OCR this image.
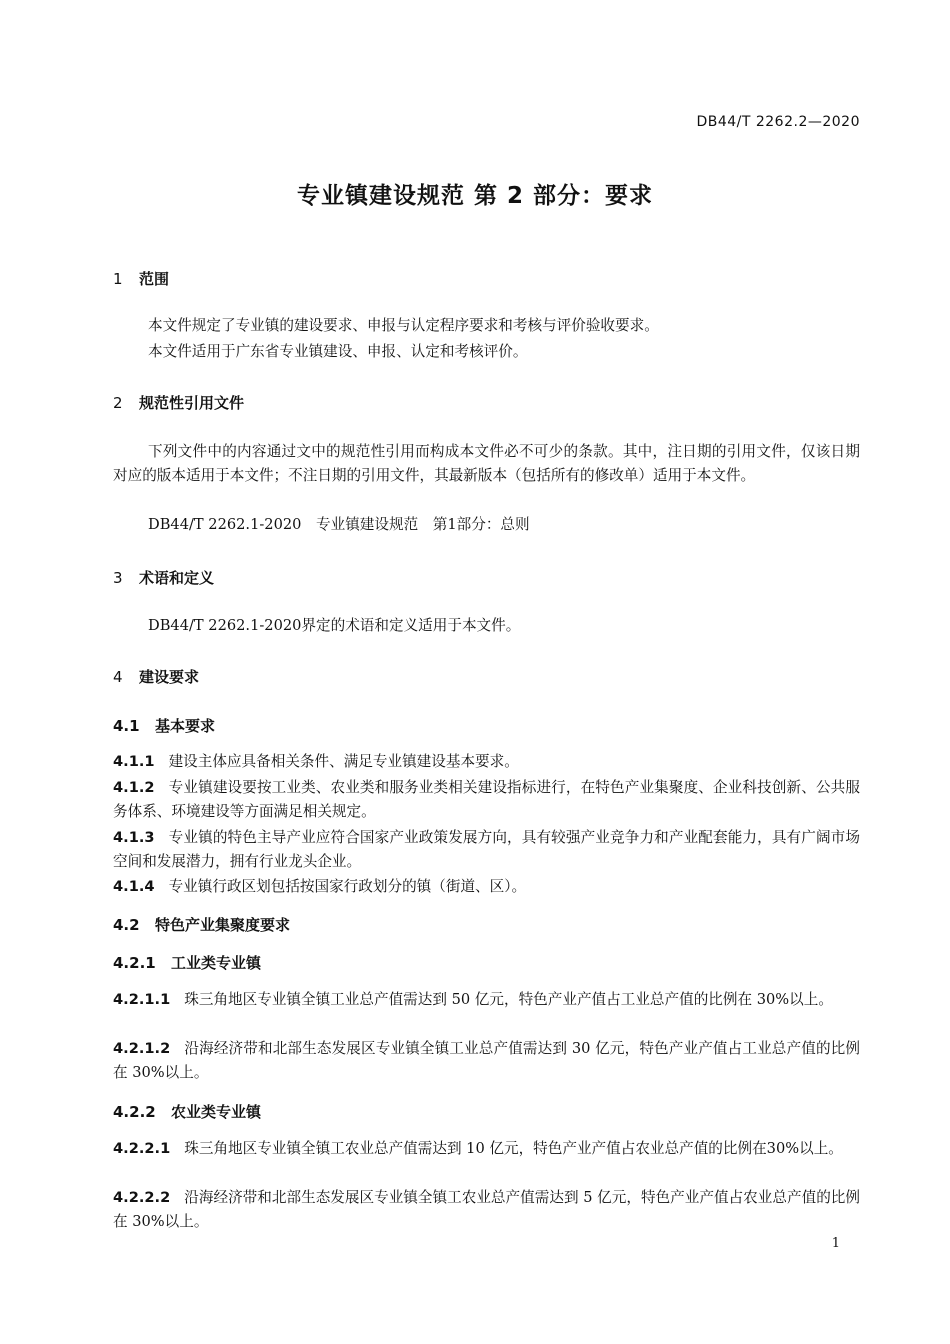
DB44/T 2262.2—2020
专业镇建设规范 第 2 部分：要求
1 范围
本文件规定了专业镇的建设要求、申报与认定程序要求和考核与评价验收要求。
本文件适用于广东省专业镇建设、申报、认定和考核评价。
2 规范性引用文件
下列文件中的内容通过文中的规范性引用而构成本文件必不可少的条款。其中，注日期的引用文件，仅该日期对应的版本适用于本文件；不注日期的引用文件，其最新版本（包括所有的修改单）适用于本文件。
DB44/T 2262.1-2020　专业镇建设规范　第1部分：总则
3 术语和定义
DB44/T 2262.1-2020界定的术语和定义适用于本文件。
4 建设要求
4.1 基本要求
4.1.1 建设主体应具备相关条件、满足专业镇建设基本要求。
4.1.2 专业镇建设要按工业类、农业类和服务业类相关建设指标进行，在特色产业集聚度、企业科技创新、公共服务体系、环境建设等方面满足相关规定。
4.1.3 专业镇的特色主导产业应符合国家产业政策发展方向，具有较强产业竞争力和产业配套能力，具有广阔市场空间和发展潜力，拥有行业龙头企业。
4.1.4 专业镇行政区划包括按国家行政划分的镇（街道、区）。
4.2 特色产业集聚度要求
4.2.1 工业类专业镇
4.2.1.1 珠三角地区专业镇全镇工业总产值需达到 50 亿元，特色产业产值占工业总产值的比例在 30%以上。
4.2.1.2 沿海经济带和北部生态发展区专业镇全镇工业总产值需达到 30 亿元，特色产业产值占工业总产值的比例在 30%以上。
4.2.2 农业类专业镇
4.2.2.1 珠三角地区专业镇全镇工农业总产值需达到 10 亿元，特色产业产值占农业总产值的比例在30%以上。
4.2.2.2 沿海经济带和北部生态发展区专业镇全镇工农业总产值需达到 5 亿元，特色产业产值占农业总产值的比例在 30%以上。
1
